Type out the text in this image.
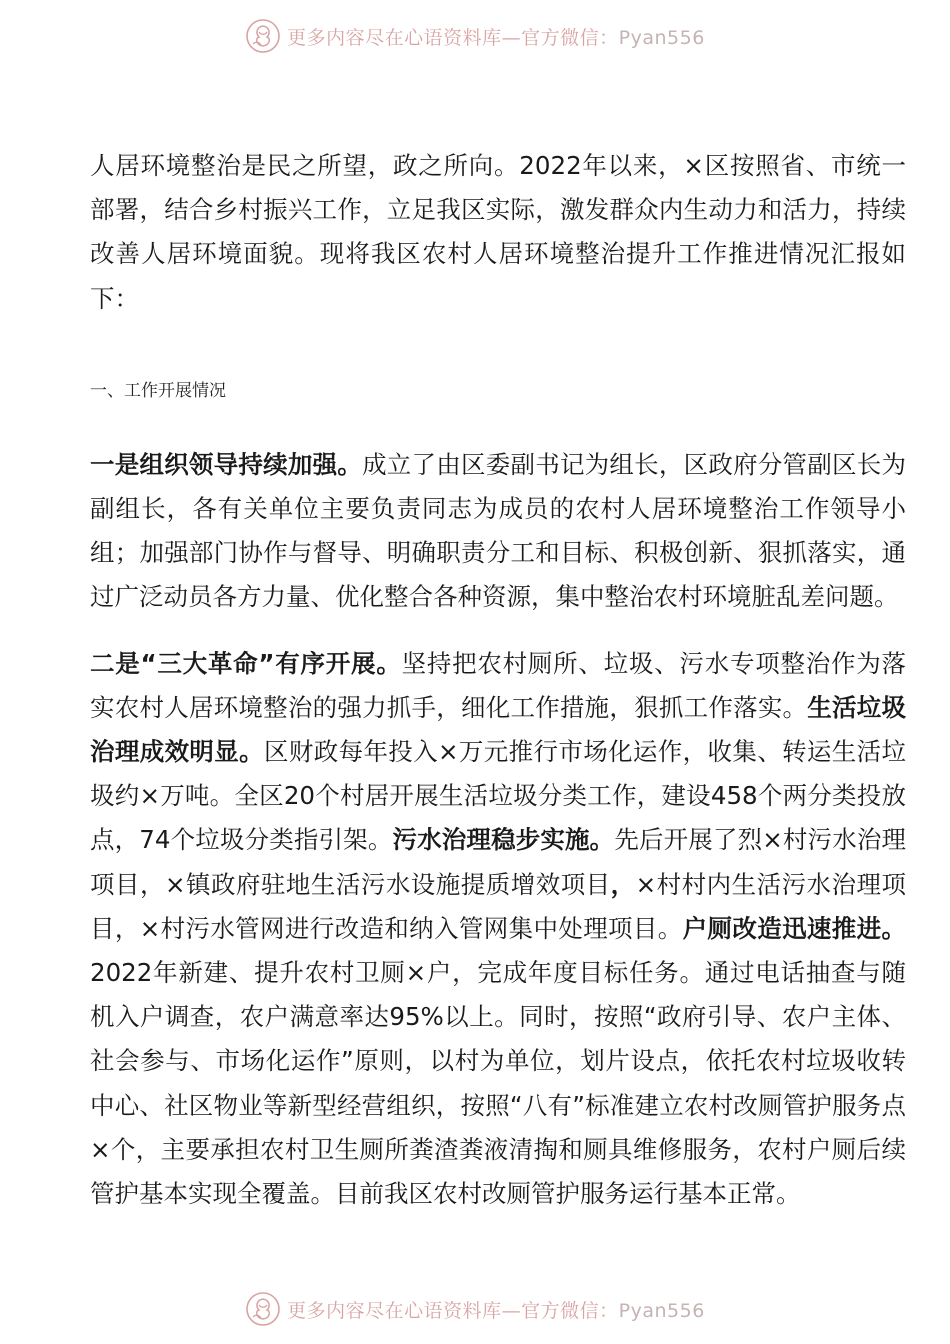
更多内容尽在心语资料库—官方微信：Pyan556

人居环境整治是民之所望，政之所向。2022年以来，×区按照省、市统一部署，结合乡村振兴工作，立足我区实际，激发群众内生动力和活力，持续改善人居环境面貌。现将我区农村人居环境整治提升工作推进情况汇报如下：

一、工作开展情况

一是组织领导持续加强。成立了由区委副书记为组长，区政府分管副区长为副组长，各有关单位主要负责同志为成员的农村人居环境整治工作领导小组；加强部门协作与督导、明确职责分工和目标、积极创新、狠抓落实，通过广泛动员各方力量、优化整合各种资源，集中整治农村环境脏乱差问题。

二是“三大革命”有序开展。坚持把农村厕所、垃圾、污水专项整治作为落实农村人居环境整治的强力抓手，细化工作措施，狠抓工作落实。生活垃圾治理成效明显。区财政每年投入×万元推行市场化运作，收集、转运生活垃圾约×万吨。全区20个村居开展生活垃圾分类工作，建设458个两分类投放点，74个垃圾分类指引架。污水治理稳步实施。先后开展了烈×村污水治理项目，×镇政府驻地生活污水设施提质增效项目，×村村内生活污水治理项目，×村污水管网进行改造和纳入管网集中处理项目。户厕改造迅速推进。2022年新建、提升农村卫厕×户，完成年度目标任务。通过电话抽查与随机入户调查，农户满意率达95%以上。同时，按照“政府引导、农户主体、社会参与、市场化运作”原则，以村为单位，划片设点，依托农村垃圾收转中心、社区物业等新型经营组织，按照“八有”标准建立农村改厕管护服务点×个，主要承担农村卫生厕所粪渣粪液清掏和厕具维修服务，农村户厕后续管护基本实现全覆盖。目前我区农村改厕管护服务运行基本正常。

更多内容尽在心语资料库—官方微信：Pyan556
